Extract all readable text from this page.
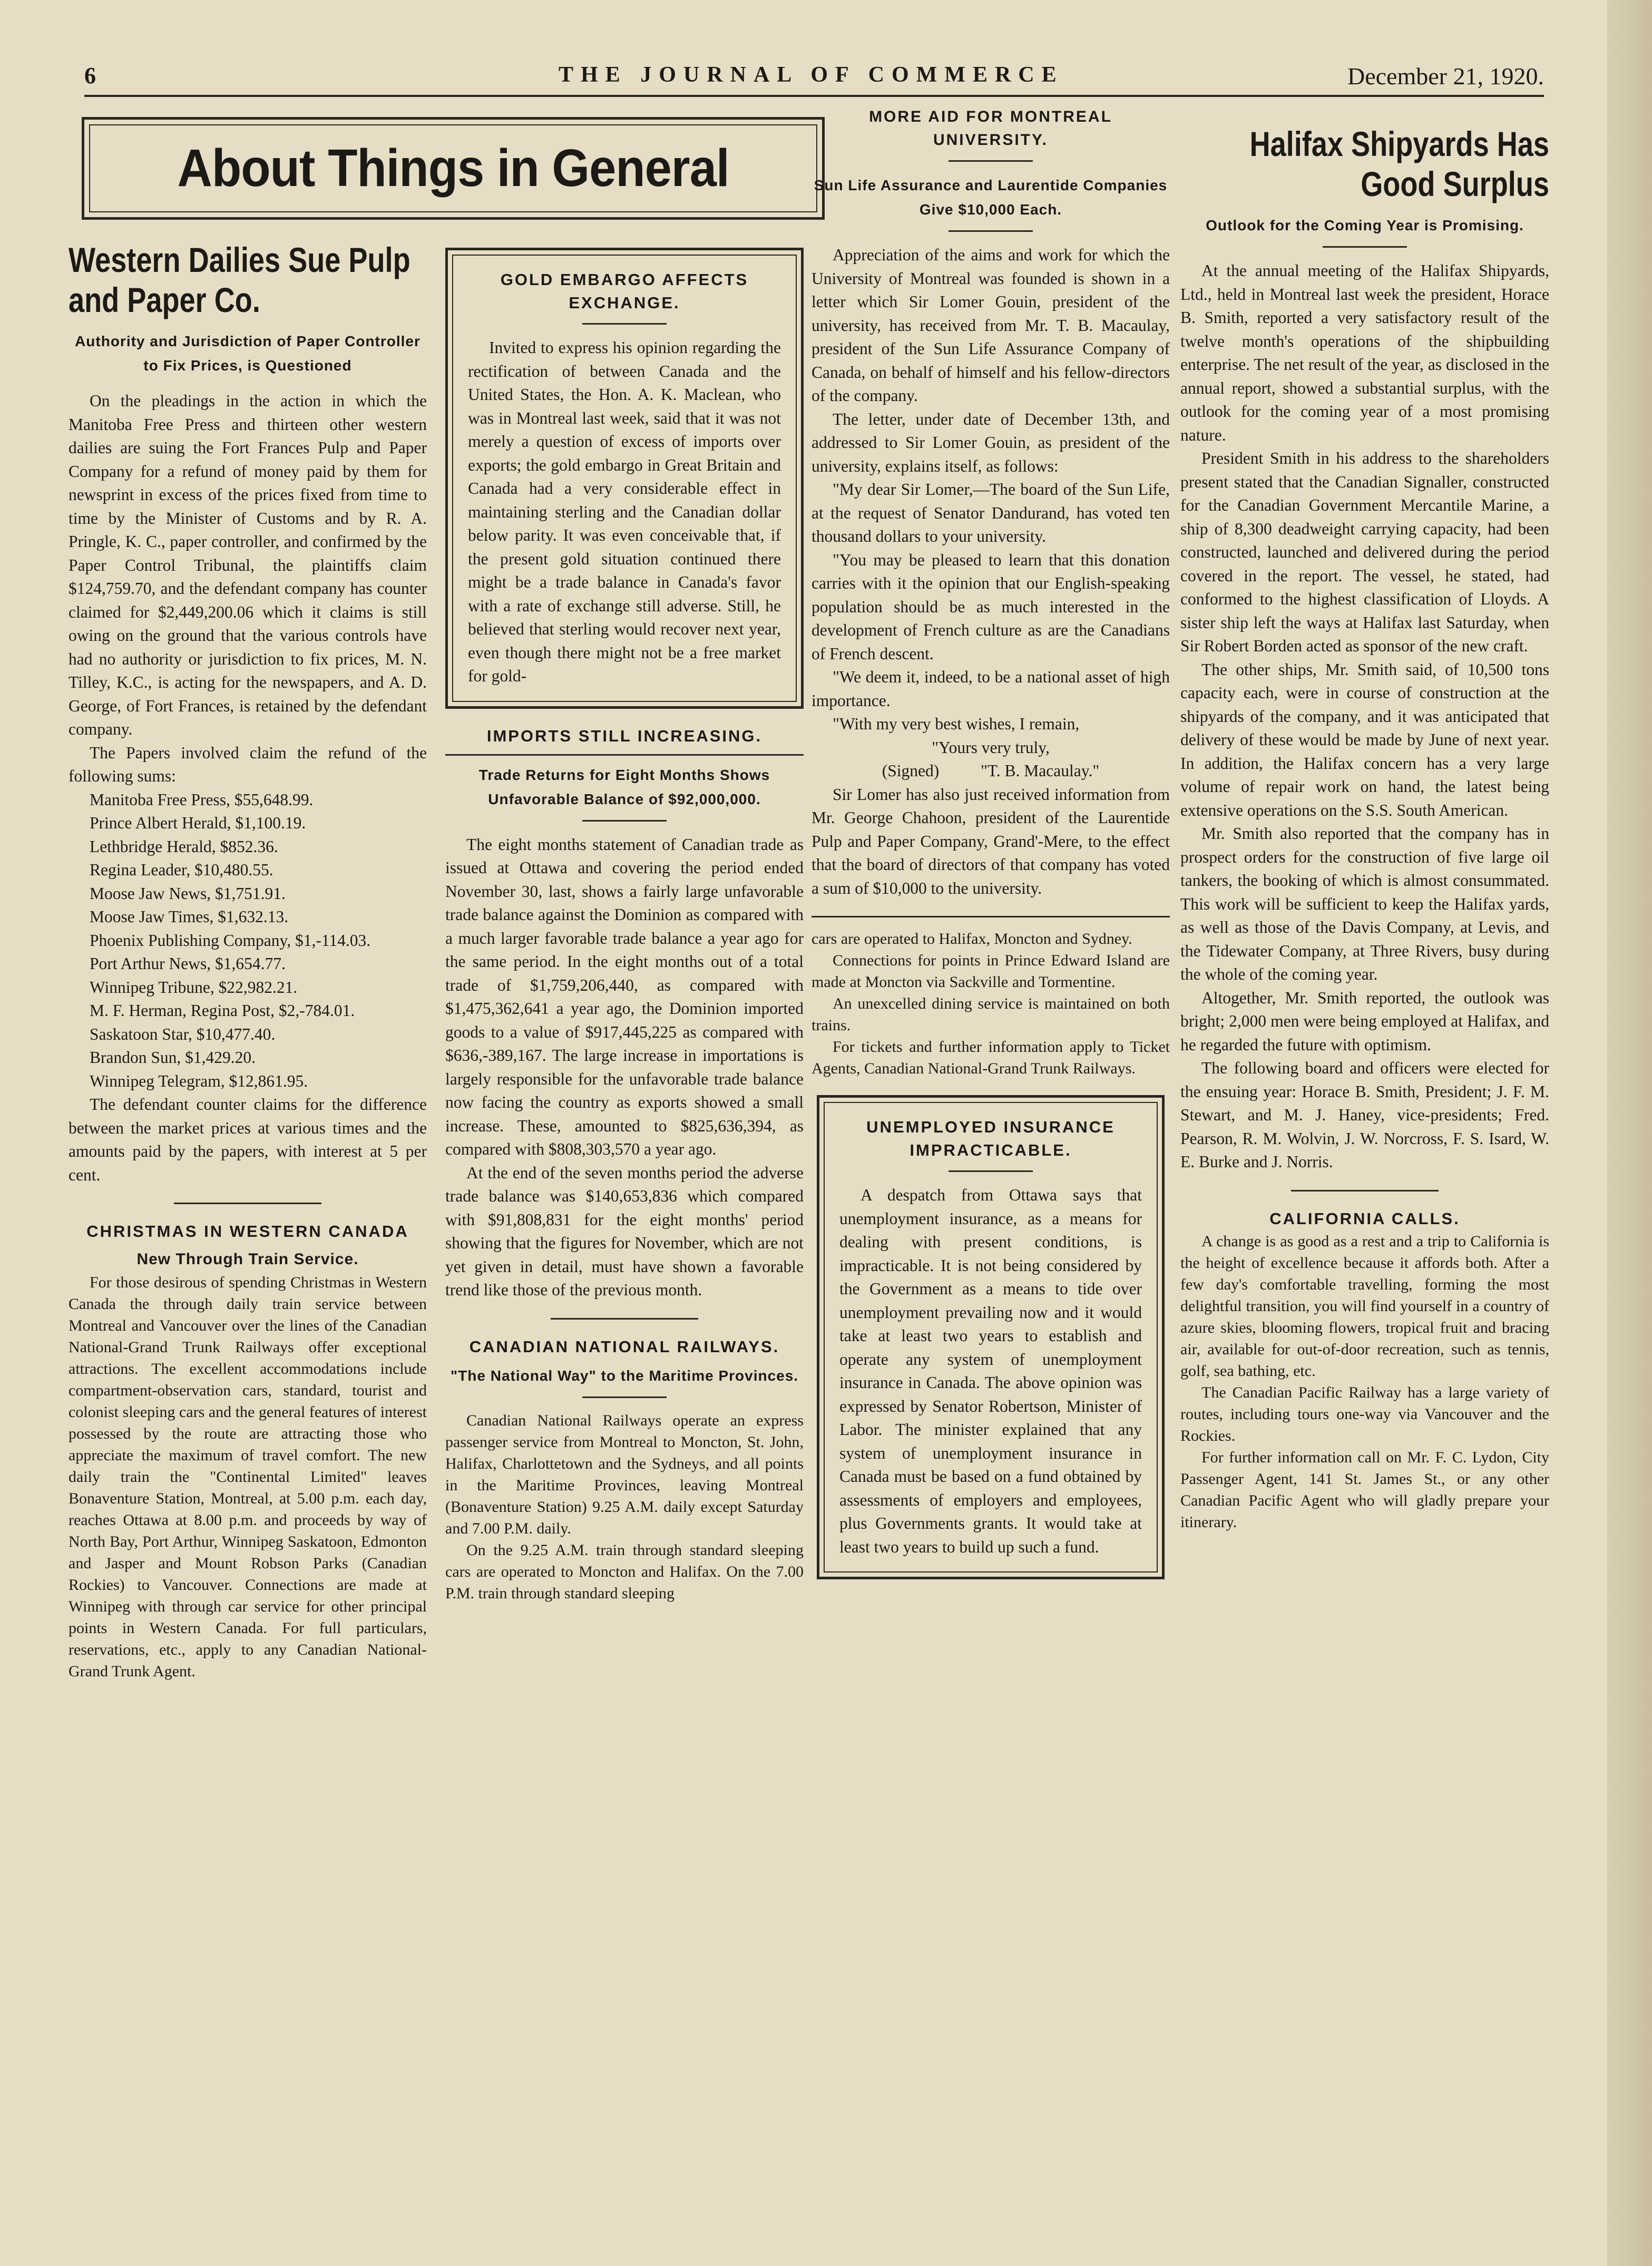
6	THE JOURNAL OF COMMERCE	December 21, 1920.
About Things in General
Western Dailies Sue Pulp and Paper Co.
Authority and Jurisdiction of Paper Controller to Fix Prices, is Questioned

On the pleadings in the action in which the Manitoba Free Press and thirteen other western dailies are suing the Fort Frances Pulp and Paper Company for a refund of money paid by them for newsprint in excess of the prices fixed from time to time by the Minister of Customs and by R. A. Pringle, K. C., paper controller, and confirmed by the Paper Control Tribunal, the plaintiffs claim $124,759.70, and the defendant company has counter claimed for $2,449,200.06 which it claims is still owing on the ground that the various controls have had no authority or jurisdiction to fix prices, M. N. Tilley, K.C., is acting for the newspapers, and A. D. George, of Fort Frances, is retained by the defendant company.

The Papers involved claim the refund of the following sums:

Manitoba Free Press, $55,648.99.

Prince Albert Herald, $1,100.19.

Lethbridge Herald, $852.36.

Regina Leader, $10,480.55.

Moose Jaw News, $1,751.91.

Moose Jaw Times, $1,632.13.

Phoenix Publishing Company, $1,-114.03.

Port Arthur News, $1,654.77.

Winnipeg Tribune, $22,982.21.

M. F. Herman, Regina Post, $2,-784.01.

Saskatoon Star, $10,477.40.

Brandon Sun, $1,429.20.

Winnipeg Telegram, $12,861.95.

The defendant counter claims for the difference between the market prices at various times and the amounts paid by the papers, with interest at 5 per cent.

CHRISTMAS IN WESTERN CANADA
New Through Train Service.

For those desirous of spending Christmas in Western Canada the through daily train service between Montreal and Vancouver over the lines of the Canadian National-Grand Trunk Railways offer exceptional attractions. The excellent accommodations include compartment-observation cars, standard, tourist and colonist sleeping cars and the general features of interest possessed by the route are attracting those who appreciate the maximum of travel comfort. The new daily train the "Continental Limited" leaves Bonaventure Station, Montreal, at 5.00 p.m. each day, reaches Ottawa at 8.00 p.m. and proceeds by way of North Bay, Port Arthur, Winnipeg Saskatoon, Edmonton and Jasper and Mount Robson Parks (Canadian Rockies) to Vancouver. Connections are made at Winnipeg with through car service for other principal points in Western Canada. For full particulars, reservations, etc., apply to any Canadian National-Grand Trunk Agent.

GOLD EMBARGO AFFECTS EXCHANGE.

Invited to express his opinion regarding the rectification of between Canada and the United States, the Hon. A. K. Maclean, who was in Montreal last week, said that it was not merely a question of excess of imports over exports; the gold embargo in Great Britain and Canada had a very considerable effect in maintaining sterling and the Canadian dollar below parity. It was even conceivable that, if the present gold situation continued there might be a trade balance in Canada's favor with a rate of exchange still adverse. Still, he believed that sterling would recover next year, even though there might not be a free market for gold-

IMPORTS STILL INCREASING.
Trade Returns for Eight Months Shows Unfavorable Balance of $92,000,000.

The eight months statement of Canadian trade as issued at Ottawa and covering the period ended November 30, last, shows a fairly large unfavorable trade balance against the Dominion as compared with a much larger favorable trade balance a year ago for the same period. In the eight months out of a total trade of $1,759,206,440, as compared with $1,475,362,641 a year ago, the Dominion imported goods to a value of $917,445,225 as compared with $636,-389,167. The large increase in importations is largely responsible for the unfavorable trade balance now facing the country as exports showed a small increase. These, amounted to $825,636,394, as compared with $808,303,570 a year ago.

At the end of the seven months period the adverse trade balance was $140,653,836 which compared with $91,808,831 for the eight months' period showing that the figures for November, which are not yet given in detail, must have shown a favorable trend like those of the previous month.

CANADIAN NATIONAL RAILWAYS.
"The National Way" to the Maritime Provinces.

Canadian National Railways operate an express passenger service from Montreal to Moncton, St. John, Halifax, Charlottetown and the Sydneys, and all points in the Maritime Provinces, leaving Montreal (Bonaventure Station) 9.25 A.M. daily except Saturday and 7.00 P.M. daily.

On the 9.25 A.M. train through standard sleeping cars are operated to Moncton and Halifax. On the 7.00 P.M. train through standard sleeping

MORE AID FOR MONTREAL UNIVERSITY.
Sun Life Assurance and Laurentide Companies Give $10,000 Each.

Appreciation of the aims and work for which the University of Montreal was founded is shown in a letter which Sir Lomer Gouin, president of the university, has received from Mr. T. B. Macaulay, president of the Sun Life Assurance Company of Canada, on behalf of himself and his fellow-directors of the company.

The letter, under date of December 13th, and addressed to Sir Lomer Gouin, as president of the university, explains itself, as follows:

"My dear Sir Lomer,—The board of the Sun Life, at the request of Senator Dandurand, has voted ten thousand dollars to your university.

"You may be pleased to learn that this donation carries with it the opinion that our English-speaking population should be as much interested in the development of French culture as are the Canadians of French descent.

"We deem it, indeed, to be a national asset of high importance.

"With my very best wishes, I remain,

"Yours very truly,

(Signed)          "T. B. Macaulay."

Sir Lomer has also just received information from Mr. George Chahoon, president of the Laurentide Pulp and Paper Company, Grand'-Mere, to the effect that the board of directors of that company has voted a sum of $10,000 to the university.

cars are operated to Halifax, Moncton and Sydney.

Connections for points in Prince Edward Island are made at Moncton via Sackville and Tormentine.

An unexcelled dining service is maintained on both trains.

For tickets and further information apply to Ticket Agents, Canadian National-Grand Trunk Railways.

UNEMPLOYED INSURANCE IMPRACTICABLE.

A despatch from Ottawa says that unemployment insurance, as a means for dealing with present conditions, is impracticable. It is not being considered by the Government as a means to tide over unemployment prevailing now and it would take at least two years to establish and operate any system of unemployment insurance in Canada. The above opinion was expressed by Senator Robertson, Minister of Labor. The minister explained that any system of unemployment insurance in Canada must be based on a fund obtained by assessments of employers and employees, plus Governments grants. It would take at least two years to build up such a fund.

Halifax Shipyards Has Good Surplus
Outlook for the Coming Year is Promising.

At the annual meeting of the Halifax Shipyards, Ltd., held in Montreal last week the president, Horace B. Smith, reported a very satisfactory result of the twelve month's operations of the shipbuilding enterprise. The net result of the year, as disclosed in the annual report, showed a substantial surplus, with the outlook for the coming year of a most promising nature.

President Smith in his address to the shareholders present stated that the Canadian Signaller, constructed for the Canadian Government Mercantile Marine, a ship of 8,300 deadweight carrying capacity, had been constructed, launched and delivered during the period covered in the report. The vessel, he stated, had conformed to the highest classification of Lloyds. A sister ship left the ways at Halifax last Saturday, when Sir Robert Borden acted as sponsor of the new craft.

The other ships, Mr. Smith said, of 10,500 tons capacity each, were in course of construction at the shipyards of the company, and it was anticipated that delivery of these would be made by June of next year. In addition, the Halifax concern has a very large volume of repair work on hand, the latest being extensive operations on the S.S. South American.

Mr. Smith also reported that the company has in prospect orders for the construction of five large oil tankers, the booking of which is almost consummated. This work will be sufficient to keep the Halifax yards, as well as those of the Davis Company, at Levis, and the Tidewater Company, at Three Rivers, busy during the whole of the coming year.

Altogether, Mr. Smith reported, the outlook was bright; 2,000 men were being employed at Halifax, and he regarded the future with optimism.

The following board and officers were elected for the ensuing year: Horace B. Smith, President; J. F. M. Stewart, and M. J. Haney, vice-presidents; Fred. Pearson, R. M. Wolvin, J. W. Norcross, F. S. Isard, W. E. Burke and J. Norris.

CALIFORNIA CALLS.

A change is as good as a rest and a trip to California is the height of excellence because it affords both. After a few day's comfortable travelling, forming the most delightful transition, you will find yourself in a country of azure skies, blooming flowers, tropical fruit and bracing air, available for out-of-door recreation, such as tennis, golf, sea bathing, etc.

The Canadian Pacific Railway has a large variety of routes, including tours one-way via Vancouver and the Rockies.

For further information call on Mr. F. C. Lydon, City Passenger Agent, 141 St. James St., or any other Canadian Pacific Agent who will gladly prepare your itinerary.
